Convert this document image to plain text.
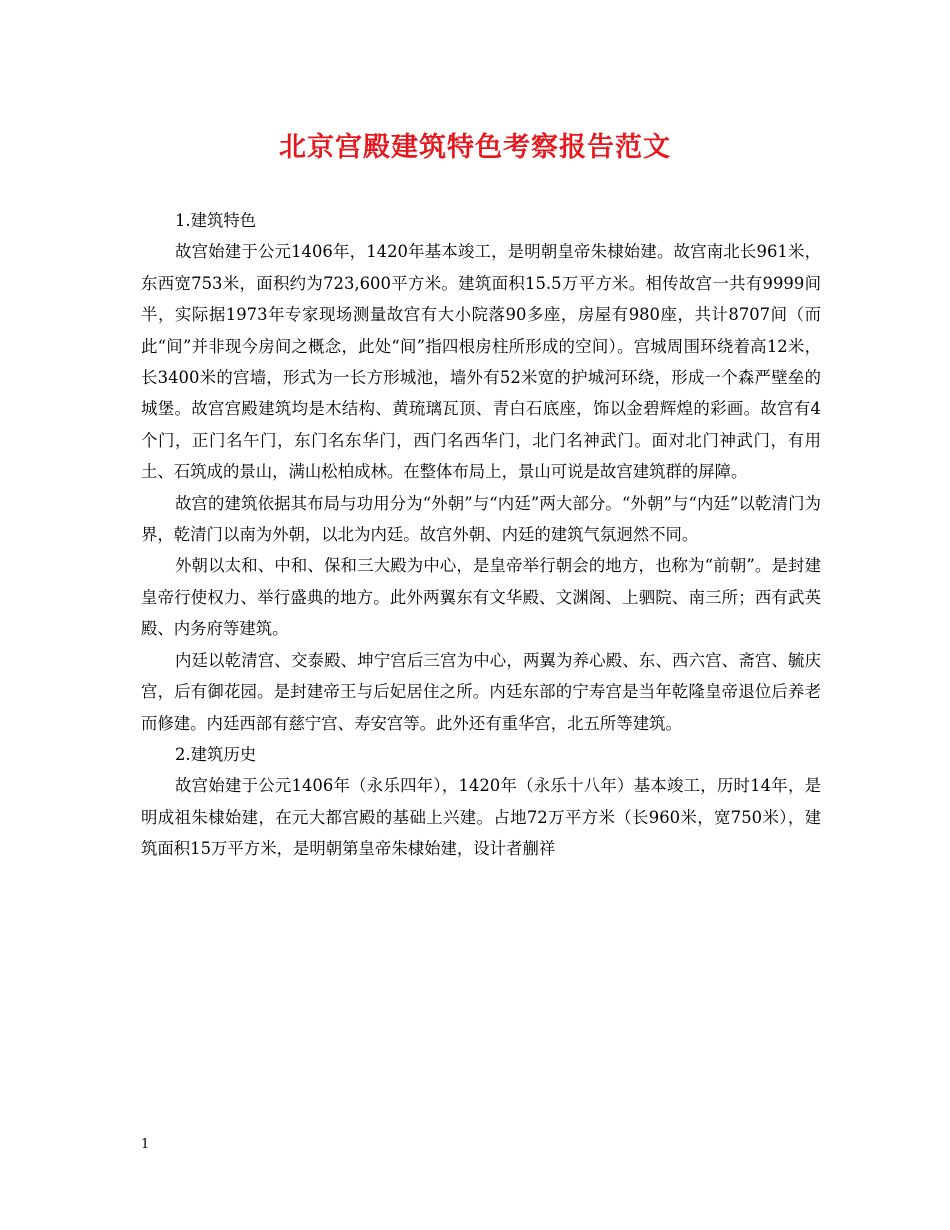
北京宫殿建筑特色考察报告范文

1.建筑特色

故宫始建于公元1406年，1420年基本竣工，是明朝皇帝朱棣始建。故宫南北长961米，东西宽753米，面积约为723,600平方米。建筑面积15.5万平方米。相传故宫一共有9999间半，实际据1973年专家现场测量故宫有大小院落90多座，房屋有980座，共计8707间（而此“间”并非现今房间之概念，此处“间”指四根房柱所形成的空间）。宫城周围环绕着高12米，长3400米的宫墙，形式为一长方形城池，墙外有52米宽的护城河环绕，形成一个森严壁垒的城堡。故宫宫殿建筑均是木结构、黄琉璃瓦顶、青白石底座，饰以金碧辉煌的彩画。故宫有4个门，正门名午门，东门名东华门，西门名西华门，北门名神武门。面对北门神武门，有用土、石筑成的景山，满山松柏成林。在整体布局上，景山可说是故宫建筑群的屏障。

故宫的建筑依据其布局与功用分为“外朝”与“内廷”两大部分。“外朝”与“内廷”以乾清门为界，乾清门以南为外朝，以北为内廷。故宫外朝、内廷的建筑气氛迥然不同。

外朝以太和、中和、保和三大殿为中心，是皇帝举行朝会的地方，也称为“前朝”。是封建皇帝行使权力、举行盛典的地方。此外两翼东有文华殿、文渊阁、上驷院、南三所；西有武英殿、内务府等建筑。

内廷以乾清宫、交泰殿、坤宁宫后三宫为中心，两翼为养心殿、东、西六宫、斋宫、毓庆宫，后有御花园。是封建帝王与后妃居住之所。内廷东部的宁寿宫是当年乾隆皇帝退位后养老而修建。内廷西部有慈宁宫、寿安宫等。此外还有重华宫，北五所等建筑。

2.建筑历史

故宫始建于公元1406年（永乐四年），1420年（永乐十八年）基本竣工，历时14年，是明成祖朱棣始建，在元大都宫殿的基础上兴建。占地72万平方米（长960米，宽750米），建筑面积15万平方米，是明朝第皇帝朱棣始建，设计者蒯祥

1
